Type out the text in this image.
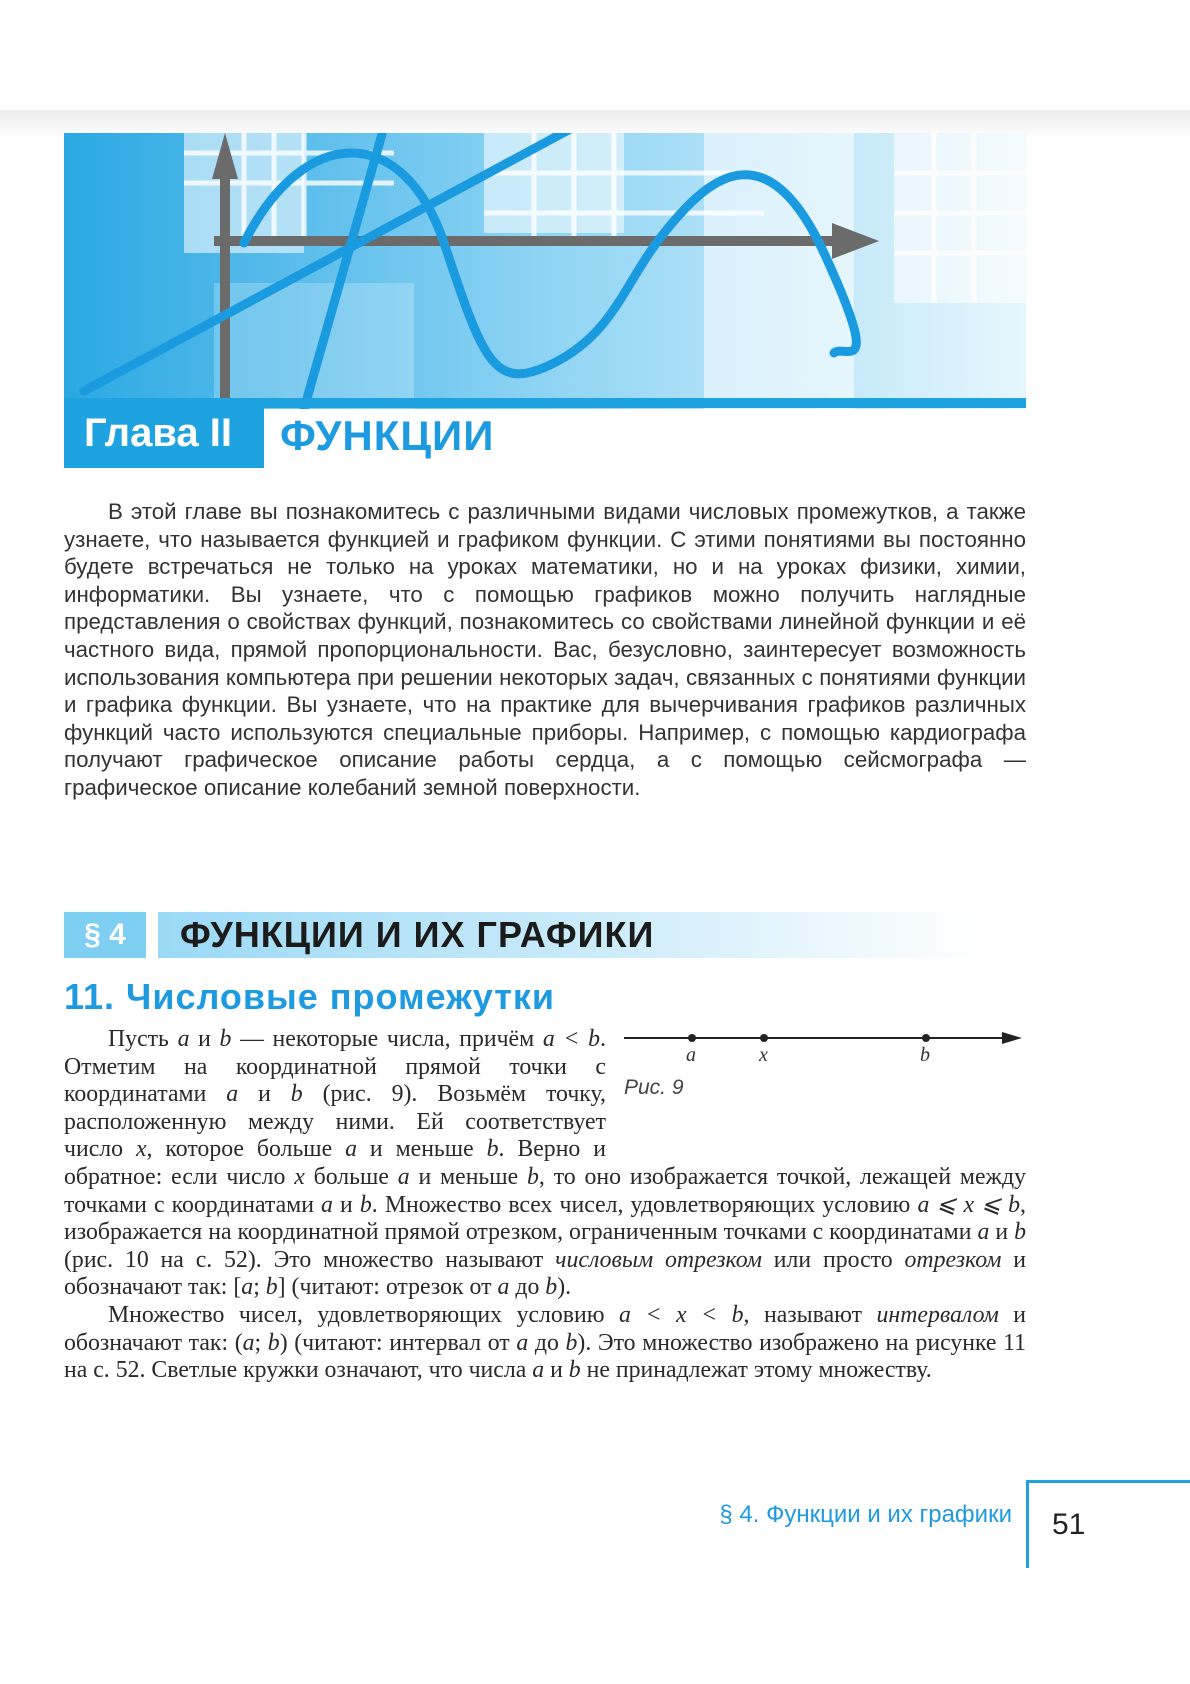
Глава II	ФУНКЦИИ

В этой главе вы познакомитесь с различными видами числовых промежутков, а также узнаете, что называется функцией и графиком функции. С этими понятиями вы постоянно будете встречаться не только на уроках математики, но и на уроках физики, химии, информатики. Вы узнаете, что с помощью графиков можно получить наглядные представления о свойствах функций, познакомитесь со свойствами линейной функции и её частного вида, прямой пропорциональности. Вас, безусловно, заинтересует возможность использования компьютера при решении некоторых задач, связанных с понятиями функции и графика функции. Вы узнаете, что на практике для вычерчивания графиков различных функций часто используются специальные приборы. Например, с помощью кардиографа получают графическое описание работы сердца, а с помощью сейсмографа — графическое описание колебаний земной поверхности.

§ 4	ФУНКЦИИ И ИХ ГРАФИКИ
11. Числовые промежутки
a	x	b
Рис. 9

Пусть a и b — некоторые числа, причём a < b. Отметим на координатной прямой точки с координатами a и b (рис. 9). Возьмём точку, расположенную между ними. Ей соответствует число x, которое больше a и меньше b. Верно и обратное: если число x больше a и меньше b, то оно изображается точкой, лежащей между точками с координатами a и b. Множество всех чисел, удовлетворяющих условию a ⩽ x ⩽ b, изображается на координатной прямой отрезком, ограниченным точками с координатами a и b (рис. 10 на с. 52). Это множество называют числовым отрезком или просто отрезком и обозначают так: [a; b] (читают: отрезок от a до b).

Множество чисел, удовлетворяющих условию a < x < b, называют интервалом и обозначают так: (a; b) (читают: интервал от a до b). Это множество изображено на рисунке 11 на с. 52. Светлые кружки означают, что числа a и b не принадлежат этому множеству.

§ 4. Функции и их графики 51
